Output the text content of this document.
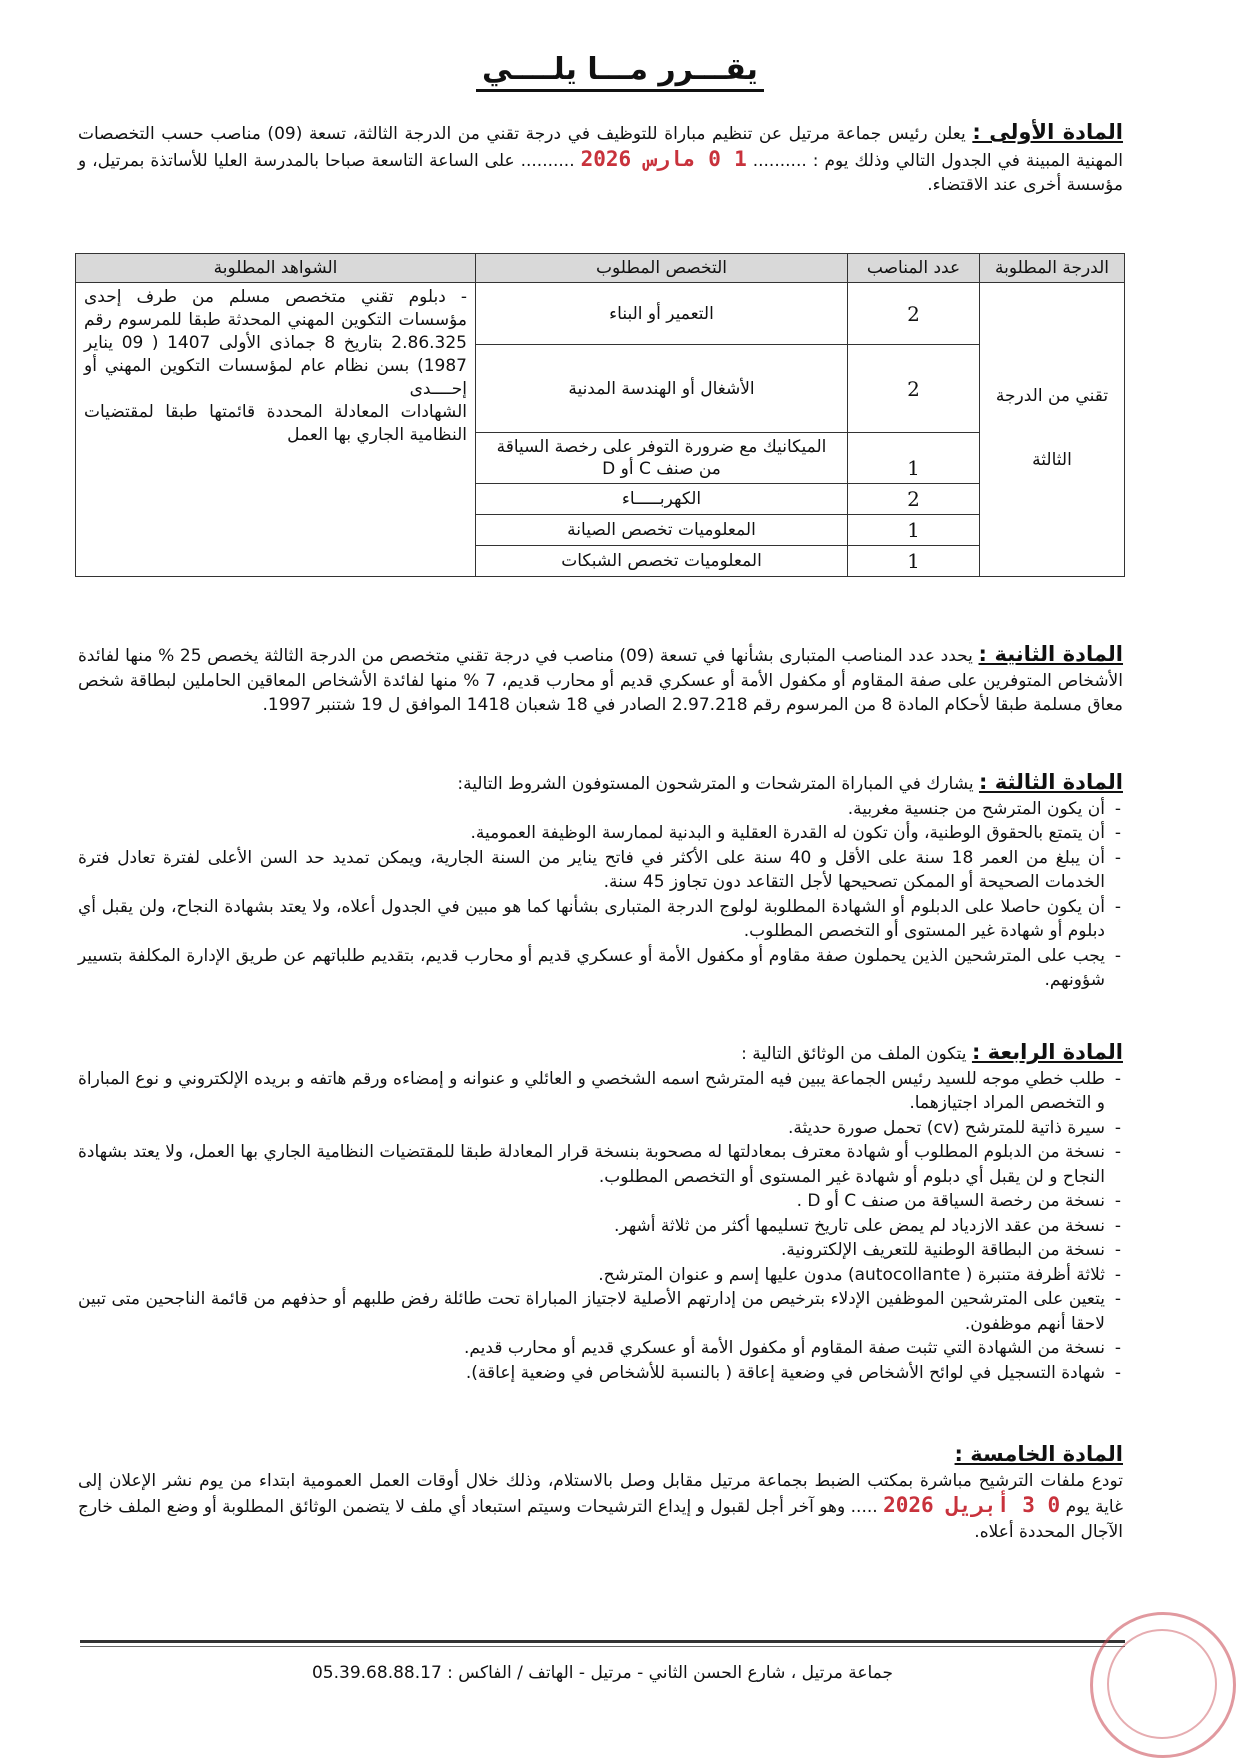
يقـــرر مـــا يلــــي
المادة الأولى : يعلن رئيس جماعة مرتيل عن تنظيم مباراة للتوظيف في درجة تقني من الدرجة الثالثة، تسعة (09) مناصب حسب التخصصات المهنية المبينة في الجدول التالي وذلك يوم : .......... 1 0 مارس 2026 .......... على الساعة التاسعة صباحا بالمدرسة العليا للأساتذة بمرتيل، و مؤسسة أخرى عند الاقتضاء.
الدرجة المطلوبة	عدد المناصب	التخصص المطلوب	الشواهد المطلوبة
تقني من الدرجة الثالثة	2	التعمير أو البناء	- دبلوم تقني متخصص مسلم من طرف إحدى مؤسسات التكوين المهني المحدثة طبقا للمرسوم رقم 2.86.325 بتاريخ 8 جماذى الأولى 1407 ( 09 يناير 1987) بسن نظام عام لمؤسسات التكوين المهني أو إحــــدى
الشهادات المعادلة المحددة قائمتها طبقا لمقتضيات النظامية الجاري بها العمل

	2	الأشغال أو الهندسة المدنية	
	1	الميكانيك مع ضرورة التوفر على رخصة السياقة من صنف C أو D	
	2	الكهربـــــاء	
	1	المعلوميات تخصص الصيانة	
	1	المعلوميات تخصص الشبكات	
المادة الثانية : يحدد عدد المناصب المتبارى بشأنها في تسعة (09) مناصب في درجة تقني متخصص من الدرجة الثالثة يخصص 25 % منها لفائدة الأشخاص المتوفرين على صفة المقاوم أو مكفول الأمة أو عسكري قديم أو محارب قديم، 7 % منها لفائدة الأشخاص المعاقين الحاملين لبطاقة شخص معاق مسلمة طبقا لأحكام المادة 8 من المرسوم رقم 2.97.218 الصادر في 18 شعبان 1418 الموافق ل 19 شتنبر 1997.
المادة الثالثة : يشارك في المباراة المترشحات و المترشحون المستوفون الشروط التالية:
- أن يكون المترشح من جنسية مغربية.
- أن يتمتع بالحقوق الوطنية، وأن تكون له القدرة العقلية و البدنية لممارسة الوظيفة العمومية.
- أن يبلغ من العمر 18 سنة على الأقل و 40 سنة على الأكثر في فاتح يناير من السنة الجارية، ويمكن تمديد حد السن الأعلى لفترة تعادل فترة الخدمات الصحيحة أو الممكن تصحيحها لأجل التقاعد دون تجاوز 45 سنة.
- أن يكون حاصلا على الدبلوم أو الشهادة المطلوبة لولوج الدرجة المتبارى بشأنها كما هو مبين في الجدول أعلاه، ولا يعتد بشهادة النجاح، ولن يقبل أي دبلوم أو شهادة غير المستوى أو التخصص المطلوب.
- يجب على المترشحين الذين يحملون صفة مقاوم أو مكفول الأمة أو عسكري قديم أو محارب قديم، بتقديم طلباتهم عن طريق الإدارة المكلفة بتسيير شؤونهم.
المادة الرابعة : يتكون الملف من الوثائق التالية :
- طلب خطي موجه للسيد رئيس الجماعة يبين فيه المترشح اسمه الشخصي و العائلي و عنوانه و إمضاءه ورقم هاتفه و بريده الإلكتروني و نوع المباراة و التخصص المراد اجتيازهما.
- سيرة ذاتية للمترشح (cv) تحمل صورة حديثة.
- نسخة من الدبلوم المطلوب أو شهادة معترف بمعادلتها له مصحوبة بنسخة قرار المعادلة طبقا للمقتضيات النظامية الجاري بها العمل، ولا يعتد بشهادة النجاح و لن يقبل أي دبلوم أو شهادة غير المستوى أو التخصص المطلوب.
- نسخة من رخصة السياقة من صنف C أو D .
- نسخة من عقد الازدياد لم يمض على تاريخ تسليمها أكثر من ثلاثة أشهر.
- نسخة من البطاقة الوطنية للتعريف الإلكترونية.
- ثلاثة أظرفة متنبرة ( autocollante) مدون عليها إسم و عنوان المترشح.
- يتعين على المترشحين الموظفين الإدلاء بترخيص من إدارتهم الأصلية لاجتياز المباراة تحت طائلة رفض طلبهم أو حذفهم من قائمة الناجحين متى تبين لاحقا أنهم موظفون.
- نسخة من الشهادة التي تثبت صفة المقاوم أو مكفول الأمة أو عسكري قديم أو محارب قديم.
- شهادة التسجيل في لوائح الأشخاص في وضعية إعاقة ( بالنسبة للأشخاص في وضعية إعاقة).
المادة الخامسة :
تودع ملفات الترشيح مباشرة بمكتب الضبط بجماعة مرتيل مقابل وصل بالاستلام، وذلك خلال أوقات العمل العمومية ابتداء من يوم نشر الإعلان إلى غاية يوم 0 3 أبريل 2026 ..... وهو آخر أجل لقبول و إيداع الترشيحات وسيتم استبعاد أي ملف لا يتضمن الوثائق المطلوبة أو وضع الملف خارج الآجال المحددة أعلاه.
جماعة مرتيل ، شارع الحسن الثاني - مرتيل - الهاتف / الفاكس : 05.39.68.88.17
